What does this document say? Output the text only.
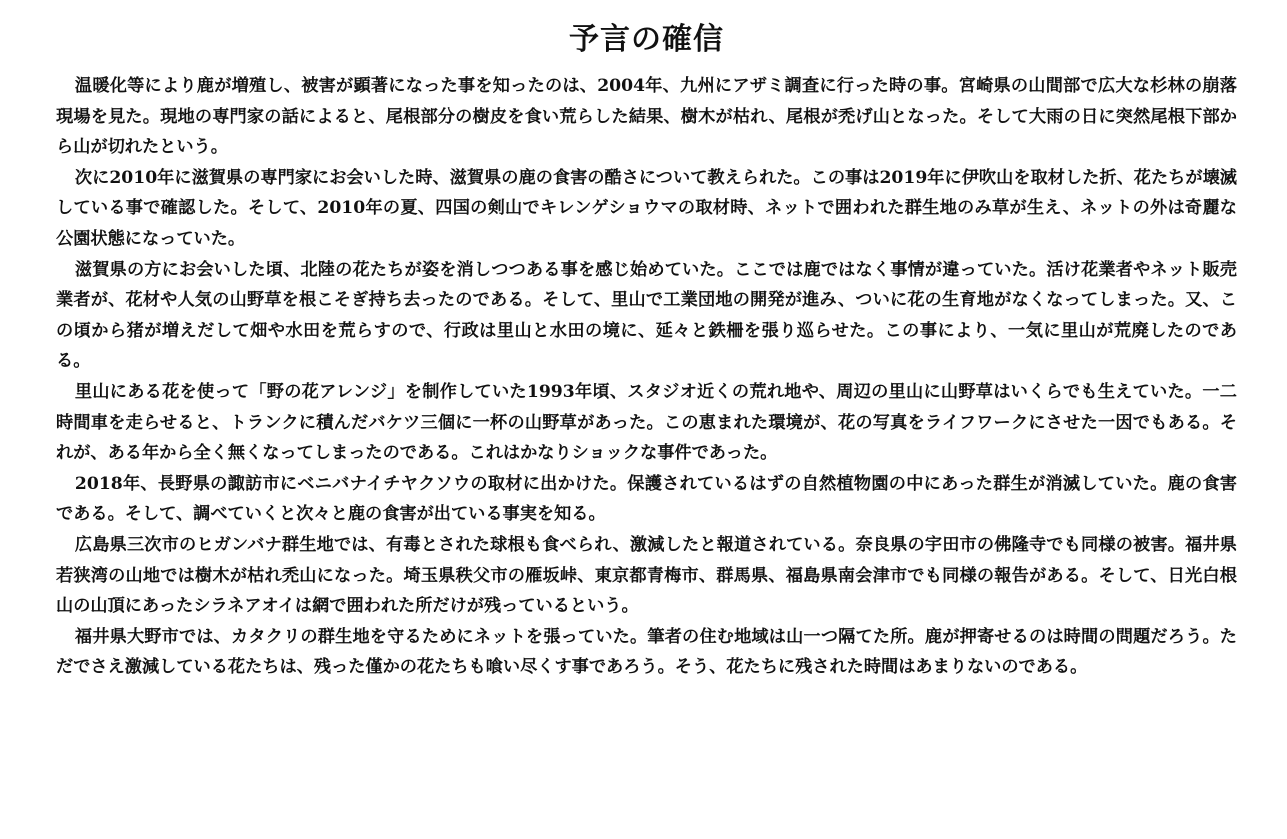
予言の確信

温暖化等により鹿が増殖し、被害が顕著になった事を知ったのは、2004年、九州にアザミ調査に行った時の事。宮崎県の山間部で広大な杉林の崩落現場を見た。現地の専門家の話によると、尾根部分の樹皮を食い荒らした結果、樹木が枯れ、尾根が禿げ山となった。そして大雨の日に突然尾根下部から山が切れたという。

次に2010年に滋賀県の専門家にお会いした時、滋賀県の鹿の食害の酷さについて教えられた。この事は2019年に伊吹山を取材した折、花たちが壊滅している事で確認した。そして、2010年の夏、四国の剣山でキレンゲショウマの取材時、ネットで囲われた群生地のみ草が生え、ネットの外は奇麗な公園状態になっていた。

滋賀県の方にお会いした頃、北陸の花たちが姿を消しつつある事を感じ始めていた。ここでは鹿ではなく事情が違っていた。活け花業者やネット販売業者が、花材や人気の山野草を根こそぎ持ち去ったのである。そして、里山で工業団地の開発が進み、ついに花の生育地がなくなってしまった。又、この頃から猪が増えだして畑や水田を荒らすので、行政は里山と水田の境に、延々と鉄柵を張り巡らせた。この事により、一気に里山が荒廃したのである。

里山にある花を使って「野の花アレンジ」を制作していた1993年頃、スタジオ近くの荒れ地や、周辺の里山に山野草はいくらでも生えていた。一二時間車を走らせると、トランクに積んだバケツ三個に一杯の山野草があった。この恵まれた環境が、花の写真をライフワークにさせた一因でもある。それが、ある年から全く無くなってしまったのである。これはかなりショックな事件であった。

2018年、長野県の諏訪市にベニバナイチヤクソウの取材に出かけた。保護されているはずの自然植物園の中にあった群生が消滅していた。鹿の食害である。そして、調べていくと次々と鹿の食害が出ている事実を知る。

広島県三次市のヒガンバナ群生地では、有毒とされた球根も食べられ、激減したと報道されている。奈良県の宇田市の佛隆寺でも同様の被害。福井県若狭湾の山地では樹木が枯れ禿山になった。埼玉県秩父市の雁坂峠、東京都青梅市、群馬県、福島県南会津市でも同様の報告がある。そして、日光白根山の山頂にあったシラネアオイは網で囲われた所だけが残っているという。

福井県大野市では、カタクリの群生地を守るためにネットを張っていた。筆者の住む地域は山一つ隔てた所。鹿が押寄せるのは時間の問題だろう。ただでさえ激減している花たちは、残った僅かの花たちも喰い尽くす事であろう。そう、花たちに残された時間はあまりないのである。
